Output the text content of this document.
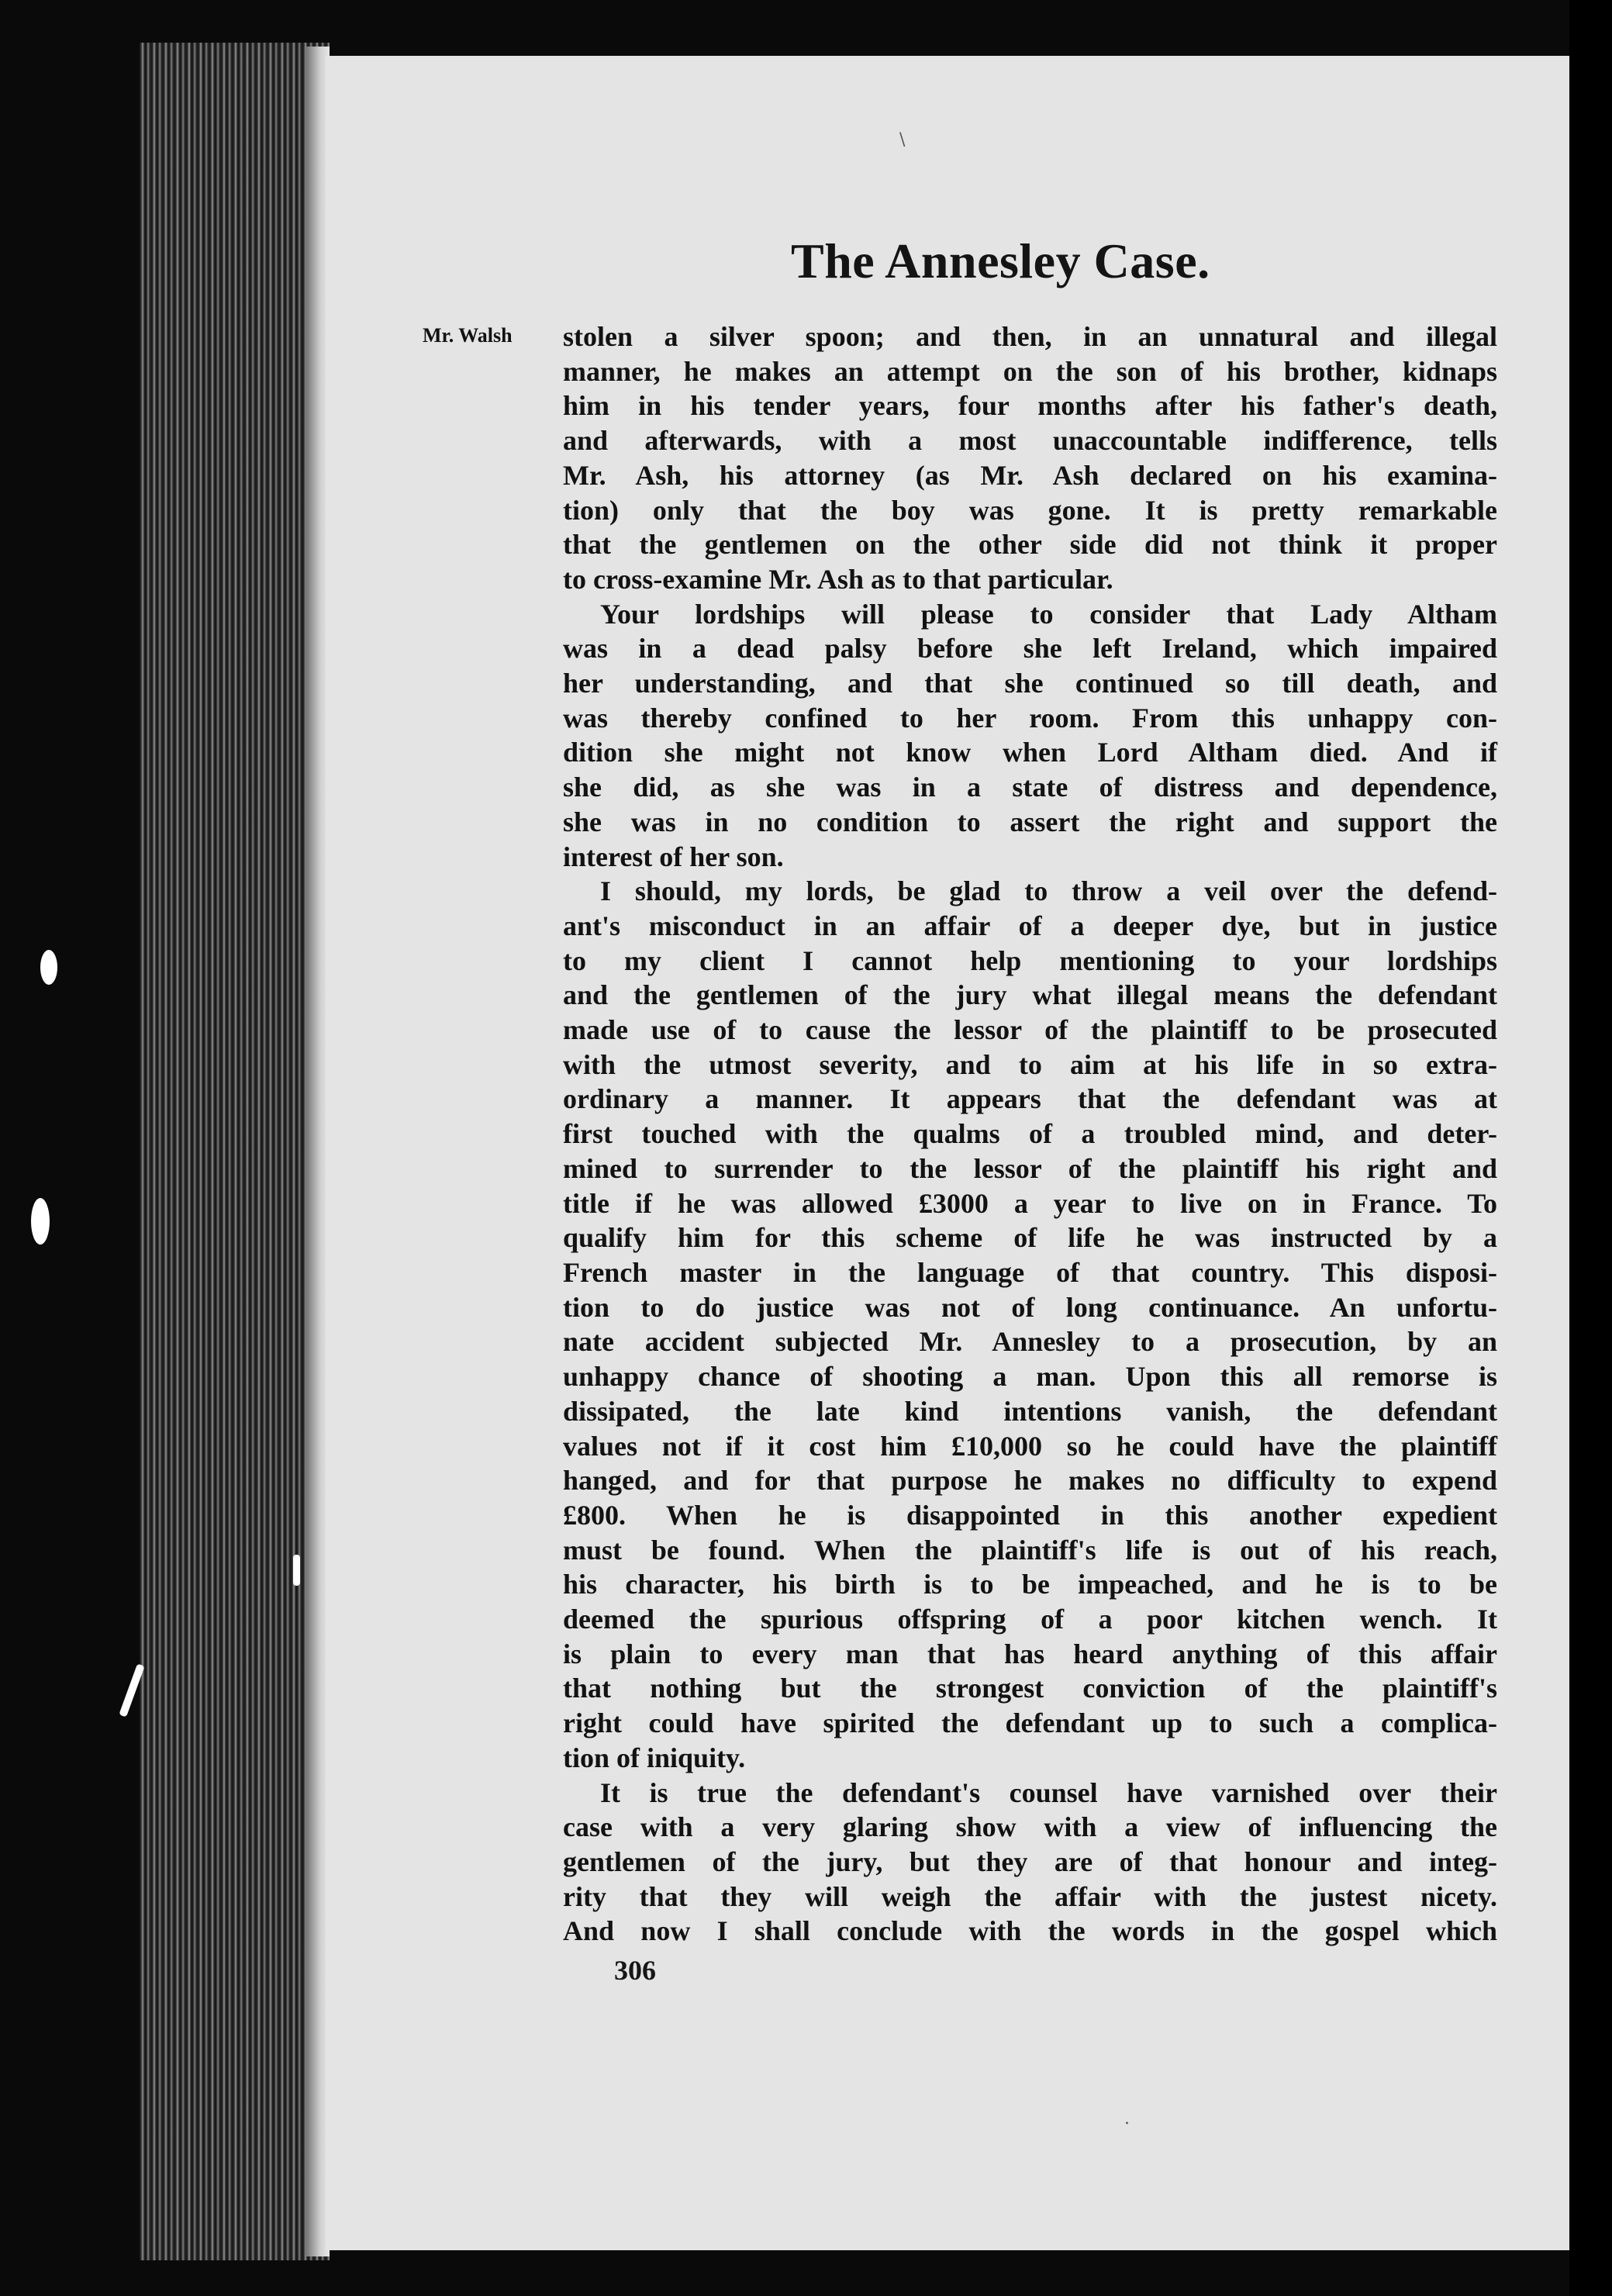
\
.
The Annesley Case.
Mr. Walsh stolen a silver spoon; and then, in an unnatural and illegal
manner, he makes an attempt on the son of his brother, kidnaps
him in his tender years, four months after his father's death,
and afterwards, with a most unaccountable indifference, tells
Mr. Ash, his attorney (as Mr. Ash declared on his examina-
tion) only that the boy was gone. It is pretty remarkable
that the gentlemen on the other side did not think it proper
to cross-examine Mr. Ash as to that particular.
Your lordships will please to consider that Lady Altham
was in a dead palsy before she left Ireland, which impaired
her understanding, and that she continued so till death, and
was thereby confined to her room. From this unhappy con-
dition she might not know when Lord Altham died. And if
she did, as she was in a state of distress and dependence,
she was in no condition to assert the right and support the
interest of her son.
I should, my lords, be glad to throw a veil over the defend-
ant's misconduct in an affair of a deeper dye, but in justice
to my client I cannot help mentioning to your lordships
and the gentlemen of the jury what illegal means the defendant
made use of to cause the lessor of the plaintiff to be prosecuted
with the utmost severity, and to aim at his life in so extra-
ordinary a manner. It appears that the defendant was at
first touched with the qualms of a troubled mind, and deter-
mined to surrender to the lessor of the plaintiff his right and
title if he was allowed £3000 a year to live on in France. To
qualify him for this scheme of life he was instructed by a
French master in the language of that country. This disposi-
tion to do justice was not of long continuance. An unfortu-
nate accident subjected Mr. Annesley to a prosecution, by an
unhappy chance of shooting a man. Upon this all remorse is
dissipated, the late kind intentions vanish, the defendant
values not if it cost him £10,000 so he could have the plaintiff
hanged, and for that purpose he makes no difficulty to expend
£800. When he is disappointed in this another expedient
must be found. When the plaintiff's life is out of his reach,
his character, his birth is to be impeached, and he is to be
deemed the spurious offspring of a poor kitchen wench. It
is plain to every man that has heard anything of this affair
that nothing but the strongest conviction of the plaintiff's
right could have spirited the defendant up to such a complica-
tion of iniquity.
It is true the defendant's counsel have varnished over their
case with a very glaring show with a view of influencing the
gentlemen of the jury, but they are of that honour and integ-
rity that they will weigh the affair with the justest nicety.
And now I shall conclude with the words in the gospel which
306
